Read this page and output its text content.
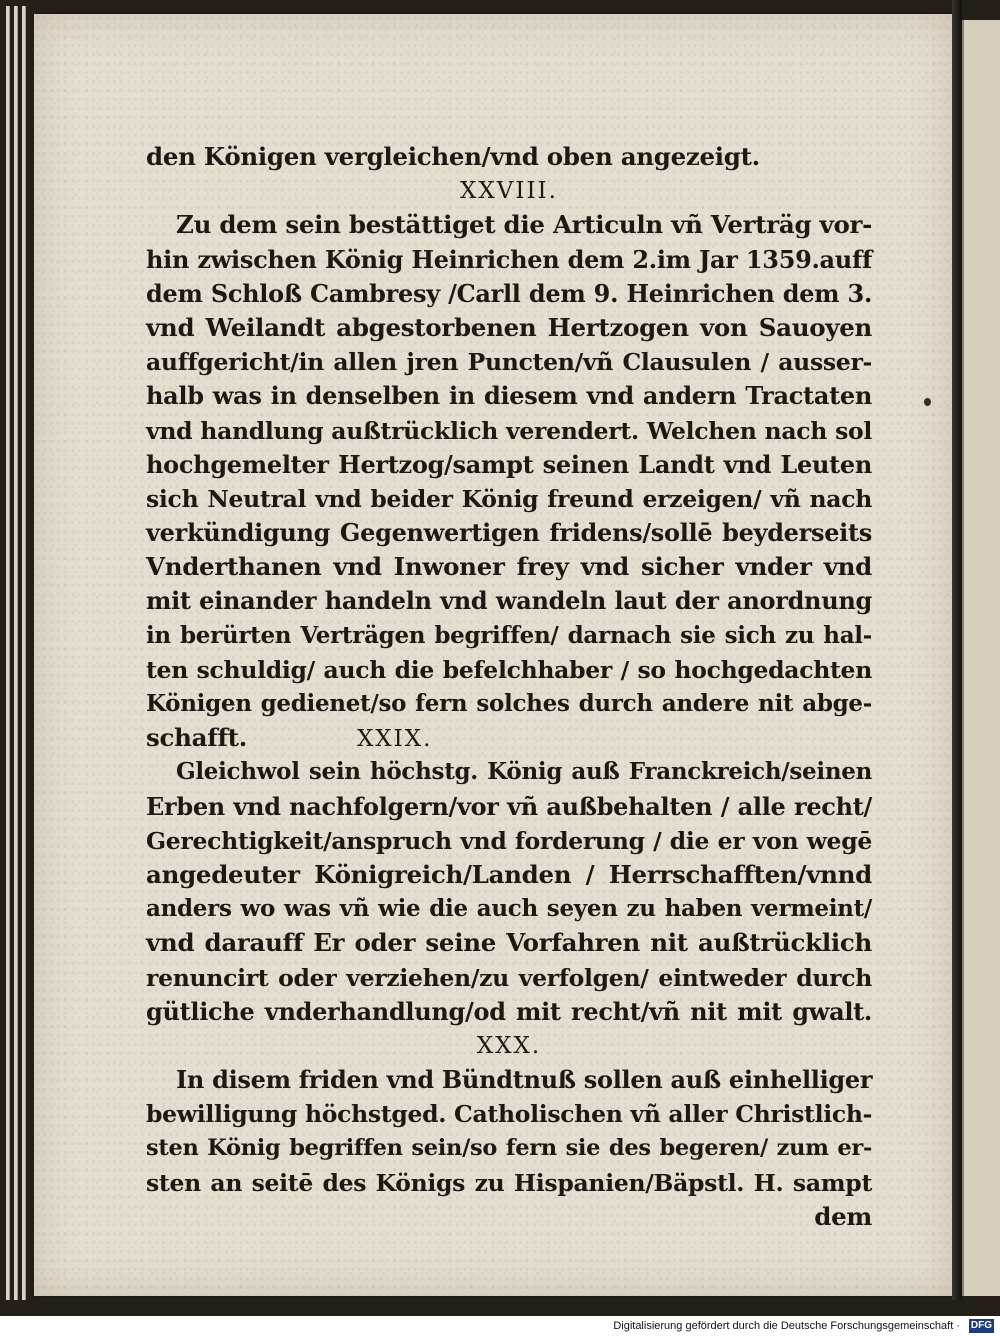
den Königen vergleichen/vnd oben angezeigt.
XXVIII.
Zu dem sein bestättiget die Articuln vñ Verträg vor-
hin zwischen König Heinrichen dem 2.im Jar 1359.auff
dem Schloß Cambresy /Carll dem 9. Heinrichen dem 3.
vnd Weilandt abgestorbenen Hertzogen von Sauoyen
auffgericht/in allen jren Puncten/vñ Clausulen / ausser-
halb was in denselben in diesem vnd andern Tractaten
vnd handlung außtrücklich verendert. Welchen nach sol
hochgemelter Hertzog/sampt seinen Landt vnd Leuten
sich Neutral vnd beider König freund erzeigen/ vñ nach
verkündigung Gegenwertigen fridens/sollē beyderseits
Vnderthanen vnd Inwoner frey vnd sicher vnder vnd
mit einander handeln vnd wandeln laut der anordnung
in berürten Verträgen begriffen/ darnach sie sich zu hal-
ten schuldig/ auch die befelchhaber / so hochgedachten
Königen gedienet/so fern solches durch andere nit abge-
schafft.	XXIX.
Gleichwol sein höchstg. König auß Franckreich/seinen
Erben vnd nachfolgern/vor vñ außbehalten / alle recht/
Gerechtigkeit/anspruch vnd forderung / die er von wegē
angedeuter Königreich/Landen / Herrschafften/vnnd
anders wo was vñ wie die auch seyen zu haben vermeint/
vnd darauff Er oder seine Vorfahren nit außtrücklich
renuncirt oder verziehen/zu verfolgen/ eintweder durch
gütliche vnderhandlung/od mit recht/vñ nit mit gwalt.
XXX.
In disem friden vnd Bündtnuß sollen auß einhelliger
bewilligung höchstged. Catholischen vñ aller Christlich-
sten König begriffen sein/so fern sie des begeren/ zum er-
sten an seitē des Königs zu Hispanien/Bäpstl. H. sampt
dem
Digitalisierung gefördert durch die Deutsche Forschungsgemeinschaft · DFG
